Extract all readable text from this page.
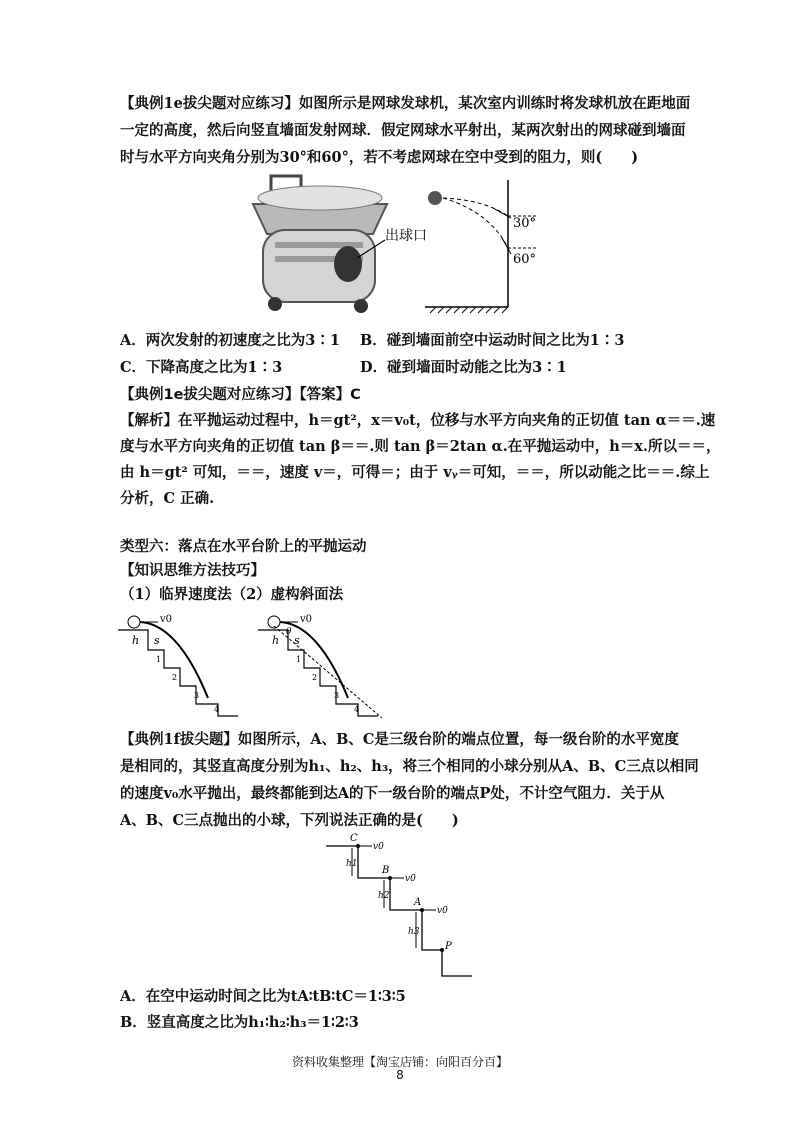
【典例1e拔尖题对应练习】如图所示是网球发球机，某次室内训练时将发球机放在距地面
一定的高度，然后向竖直墙面发射网球．假定网球水平射出，某两次射出的网球碰到墙面
时与水平方向夹角分别为30°和60°，若不考虑网球在空中受到的阻力，则(　　)
出球口
30°
60°
A．两次发射的初速度之比为3∶1 B．碰到墙面前空中运动时间之比为1∶3
C．下降高度之比为1∶3	D．碰到墙面时动能之比为3∶1
【典例1e拔尖题对应练习】【答案】C
【解析】在平抛运动过程中，h＝gt²，x＝v₀t，位移与水平方向夹角的正切值 tan α＝＝.速
度与水平方向夹角的正切值 tan β＝＝.则 tan β＝2tan α.在平抛运动中，h＝x.所以＝＝，
由 h＝gt² 可知，＝＝，速度 v＝，可得＝；由于 vᵧ＝可知，＝＝，所以动能之比＝＝.综上
分析，C 正确.
类型六：落点在水平台阶上的平抛运动
【知识思维方法技巧】
（1）临界速度法（2）虚构斜面法
v0
h s
1
2
3
4
v0
h s
θ
1
2
3
4
【典例1f拔尖题】如图所示，A、B、C是三级台阶的端点位置，每一级台阶的水平宽度
是相同的，其竖直高度分别为h₁、h₂、h₃，将三个相同的小球分别从A、B、C三点以相同
的速度v₀水平抛出，最终都能到达A的下一级台阶的端点P处，不计空气阻力．关于从
A、B、C三点抛出的小球，下列说法正确的是(　　)
C
B
A
P
v0
v0
v0
h1
h2
h3
A．在空中运动时间之比为tA∶tB∶tC＝1∶3∶5
B．竖直高度之比为h₁∶h₂∶h₃＝1∶2∶3
资料收集整理【淘宝店铺：向阳百分百】
8
